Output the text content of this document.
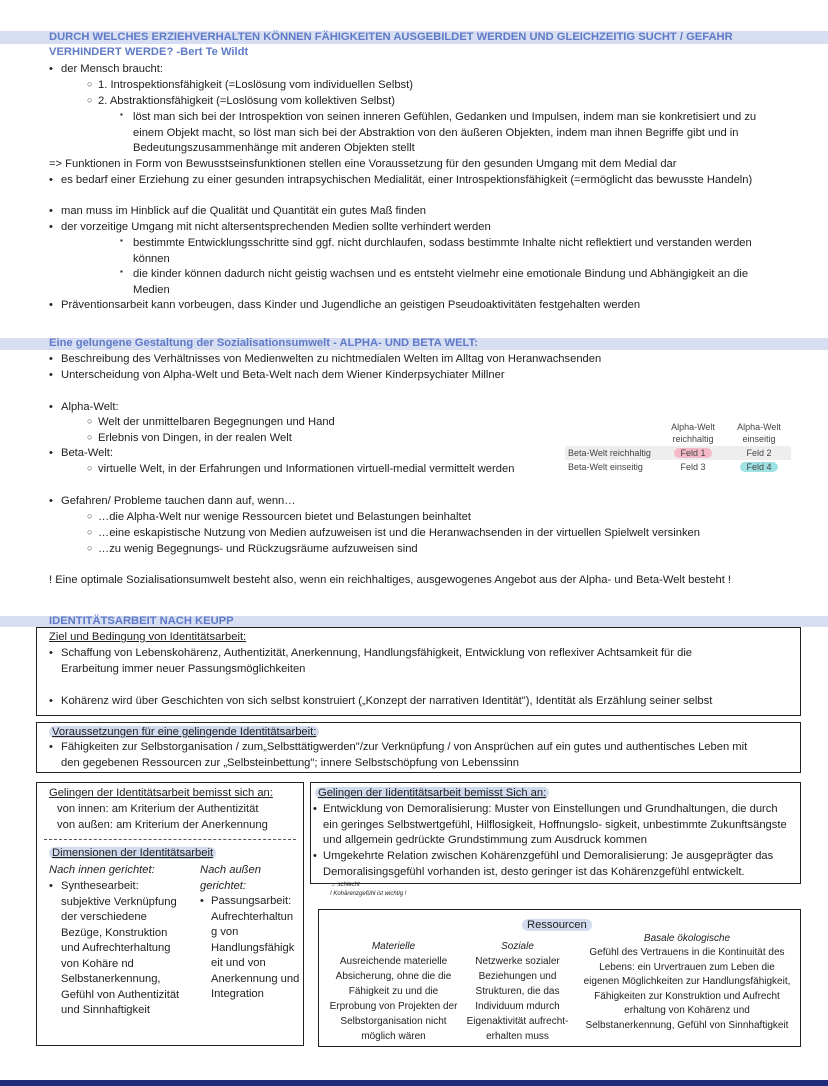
DURCH WELCHES ERZIEHVERHALTEN KÖNNEN FÄHIGKEITEN AUSGEBILDET WERDEN UND GLEICHZEITIG SUCHT / GEFAHR
VERHINDERT WERDE? -Bert Te Wildt
• der Mensch braucht:
○ 1. Introspektionsfähigkeit (=Loslösung vom individuellen Selbst)
○ 2. Abstraktionsfähigkeit (=Loslösung vom kollektiven Selbst)
▪ löst man sich bei der Introspektion von seinen inneren Gefühlen, Gedanken und Impulsen, indem man sie konkretisiert und zu einem Objekt macht, so löst man sich bei der Abstraktion von den äußeren Objekten, indem man ihnen Begriffe gibt und in Bedeutungszusammenhänge mit anderen Objekten stellt
=> Funktionen in Form von Bewusstseinsfunktionen stellen eine Voraussetzung für den gesunden Umgang mit dem Medial dar
• es bedarf einer Erziehung zu einer gesunden intrapsychischen Medialität, einer Introspektionsfähigkeit (=ermöglicht das bewusste Handeln)
• man muss im Hinblick auf die Qualität und Quantität ein gutes Maß finden
• der vorzeitige Umgang mit nicht altersentsprechenden Medien sollte verhindert werden
▪ bestimmte Entwicklungsschritte sind ggf. nicht durchlaufen, sodass bestimmte Inhalte nicht reflektiert und verstanden werden können
▪ die kinder können dadurch nicht geistig wachsen und es entsteht vielmehr eine emotionale Bindung und Abhängigkeit an die Medien
• Präventionsarbeit kann vorbeugen, dass Kinder und Jugendliche an geistigen Pseudoaktivitäten festgehalten werden
Eine gelungene Gestaltung der Sozialisationsumwelt - ALPHA- UND BETA WELT:
• Beschreibung des Verhältnisses von Medienwelten zu nichtmedialen Welten im Alltag von Heranwachsenden
• Unterscheidung von Alpha-Welt und Beta-Welt nach dem Wiener Kinderpsychiater Millner
• Alpha-Welt:
○ Welt der unmittelbaren Begegnungen und Hand
○ Erlebnis von Dingen, in der realen Welt
• Beta-Welt:
○ virtuelle Welt, in der Erfahrungen und Informationen virtuell-medial vermittelt werden
	Alpha-Welt reichhaltig	Alpha-Welt einseitig
Beta-Welt reichhaltig	Feld 1	Feld 2
Beta-Welt einseitig	Feld 3	Feld 4
• Gefahren/ Probleme tauchen dann auf, wenn…
○ …die Alpha-Welt nur wenige Ressourcen bietet und Belastungen beinhaltet
○ …eine eskapistische Nutzung von Medien aufzuweisen ist und die Heranwachsenden in der virtuellen Spielwelt versinken
○ …zu wenig Begegnungs- und Rückzugsräume aufzuweisen sind
! Eine optimale Sozialisationsumwelt besteht also, wenn ein reichhaltiges, ausgewogenes Angebot aus der Alpha- und Beta-Welt besteht !
IDENTITÄTSARBEIT NACH KEUPP
Ziel und Bedingung von Identitätsarbeit:
• Schaffung von Lebenskohärenz, Authentizität, Anerkennung, Handlungsfähigkeit, Entwicklung von reflexiver Achtsamkeit für die Erarbeitung immer neuer Passungsmöglichkeiten
• Kohärenz wird über Geschichten von sich selbst konstruiert („Konzept der narrativen Identität"), Identität als Erzählung seiner selbst
Voraussetzungen für eine gelingende Identitätsarbeit:
• Fähigkeiten zur Selbstorganisation / zum„Selbsttätigwerden"/zur Verknüpfung / von Ansprüchen auf ein gutes und authentisches Leben mit den gegebenen Ressourcen zur „Selbsteinbettung"; innere Selbstschöpfung von Lebenssinn
Gelingen der Identitätsarbeit bemisst sich an:
von innen: am Kriterium der Authentizität
von außen: am Kriterium der Anerkennung
Dimensionen der Identitätsarbeit
Nach innen gerichtet:
• Synthesearbeit: subjektive Verknüpfung der verschiedene Bezüge, Konstruktion und Aufrechterhaltung von Kohäre nd Selbstanerkennung, Gefühl von Authentizität und Sinnhaftigkeit
Nach außen gerichtet:
• Passungsarbeit: Aufrechterhaltun g von Handlungsfähigk eit und von Anerkennung und Integration
Gelingen der Iidentitätsarbeit bemisst Sich an:
• Entwicklung von Demoralisierung: Muster von Einstellungen und Grundhaltungen, die durch ein geringes Selbstwertgefühl, Hilflosigkeit, Hoffnungslo- sigkeit, unbestimmte Zukunftsängste und allgemein gedrückte Grundstimmung zum Ausdruck kommen
• Umgekehrte Relation zwischen Kohärenzgefühl und Demoralisierung: Je ausgeprägter das Demoralisingsgefühl vorhanden ist, desto geringer ist das Kohärenzgefühl entwickelt.
→ schlecht
! Kohärenzgefühl ist wichtig !
Ressourcen
Materielle
Ausreichende materielle Absicherung, ohne die die Fähigkeit zu und die Erprobung von Projekten der Selbstorganisation nicht möglich wären
Soziale
Netzwerke sozialer Beziehungen und Strukturen, die das Individuum mdurch Eigenaktivität aufrecht- erhalten muss
Basale ökologische
Gefühl des Vertrauens in die Kontinuität des Lebens: ein Urvertrauen zum Leben die eigenen Möglichkeiten zur Handlungsfähigkeit, Fähigkeiten zur Konstruktion und Aufrecht erhaltung von Kohärenz und Selbstanerkennung, Gefühl von Sinnhaftigkeit
